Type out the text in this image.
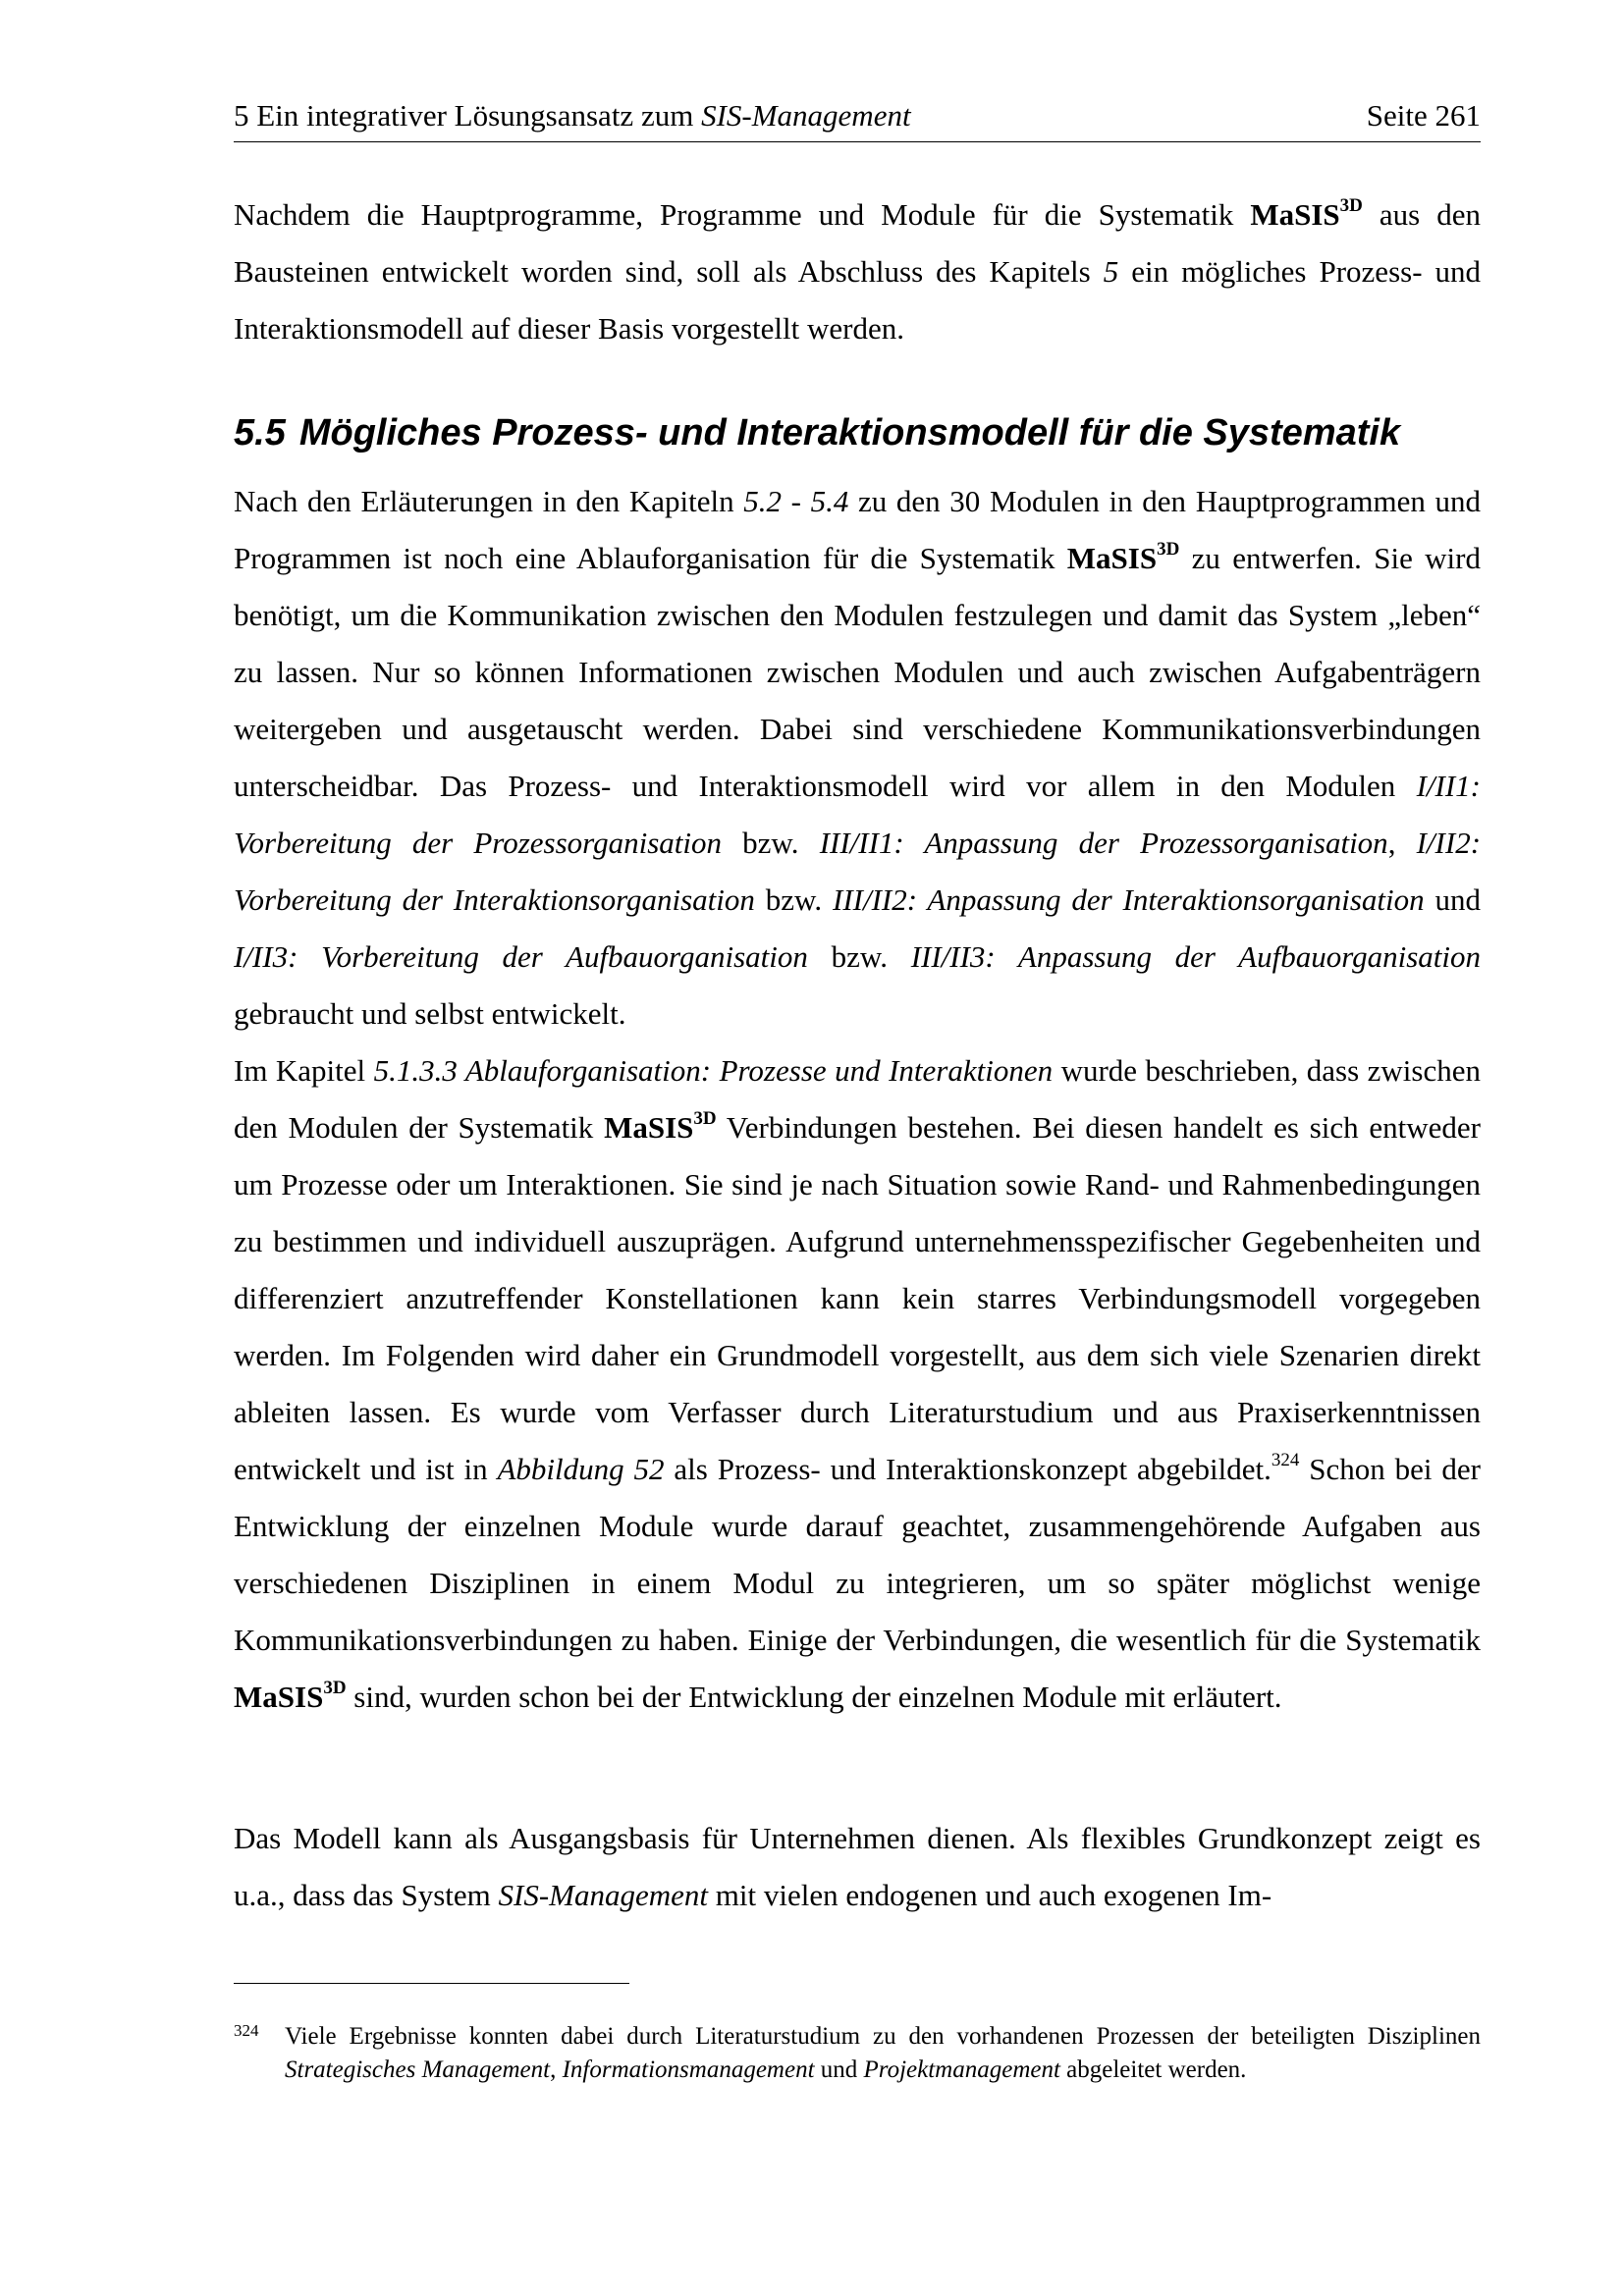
5 Ein integrativer Lösungsansatz zum SIS-Management	Seite 261

Nachdem die Hauptprogramme, Programme und Module für die Systematik MaSIS$^{3D}$ aus den Bausteinen entwickelt worden sind, soll als Abschluss des Kapitels 5 ein mögliches Prozess- und Interaktionsmodell auf dieser Basis vorgestellt werden.

5.5 Mögliches Prozess- und Interaktionsmodell für die Systematik

Nach den Erläuterungen in den Kapiteln 5.2 - 5.4 zu den 30 Modulen in den Hauptprogrammen und Programmen ist noch eine Ablauforganisation für die Systematik MaSIS$^{3D}$ zu entwerfen. Sie wird benötigt, um die Kommunikation zwischen den Modulen festzulegen und damit das System „leben“ zu lassen. Nur so können Informationen zwischen Modulen und auch zwischen Aufgabenträgern weitergeben und ausgetauscht werden. Dabei sind verschiedene Kommunikationsverbindungen unterscheidbar. Das Prozess- und Interaktionsmodell wird vor allem in den Modulen I/II1: Vorbereitung der Prozessorganisation bzw. III/II1: Anpassung der Prozessorganisation, I/II2: Vorbereitung der Interaktionsorganisation bzw. III/II2: Anpassung der Interaktionsorganisation und I/II3: Vorbereitung der Aufbauorganisation bzw. III/II3: Anpassung der Aufbauorganisation gebraucht und selbst entwickelt.

Im Kapitel 5.1.3.3 Ablauforganisation: Prozesse und Interaktionen wurde beschrieben, dass zwischen den Modulen der Systematik MaSIS$^{3D}$ Verbindungen bestehen. Bei diesen handelt es sich entweder um Prozesse oder um Interaktionen. Sie sind je nach Situation sowie Rand- und Rahmenbedingungen zu bestimmen und individuell auszuprägen. Aufgrund unternehmensspezifischer Gegebenheiten und differenziert anzutreffender Konstellationen kann kein starres Verbindungsmodell vorgegeben werden. Im Folgenden wird daher ein Grundmodell vorgestellt, aus dem sich viele Szenarien direkt ableiten lassen. Es wurde vom Verfasser durch Literaturstudium und aus Praxiserkenntnissen entwickelt und ist in Abbildung 52 als Prozess- und Interaktionskonzept abgebildet.$^{324}$ Schon bei der Entwicklung der einzelnen Module wurde darauf geachtet, zusammengehörende Aufgaben aus verschiedenen Disziplinen in einem Modul zu integrieren, um so später möglichst wenige Kommunikationsverbindungen zu haben. Einige der Verbindungen, die wesentlich für die Systematik MaSIS$^{3D}$ sind, wurden schon bei der Entwicklung der einzelnen Module mit erläutert.

Das Modell kann als Ausgangsbasis für Unternehmen dienen. Als flexibles Grundkonzept zeigt es u.a., dass das System SIS-Management mit vielen endogenen und auch exogenen Im-

324 Viele Ergebnisse konnten dabei durch Literaturstudium zu den vorhandenen Prozessen der beteiligten Disziplinen Strategisches Management, Informationsmanagement und Projektmanagement abgeleitet werden.
